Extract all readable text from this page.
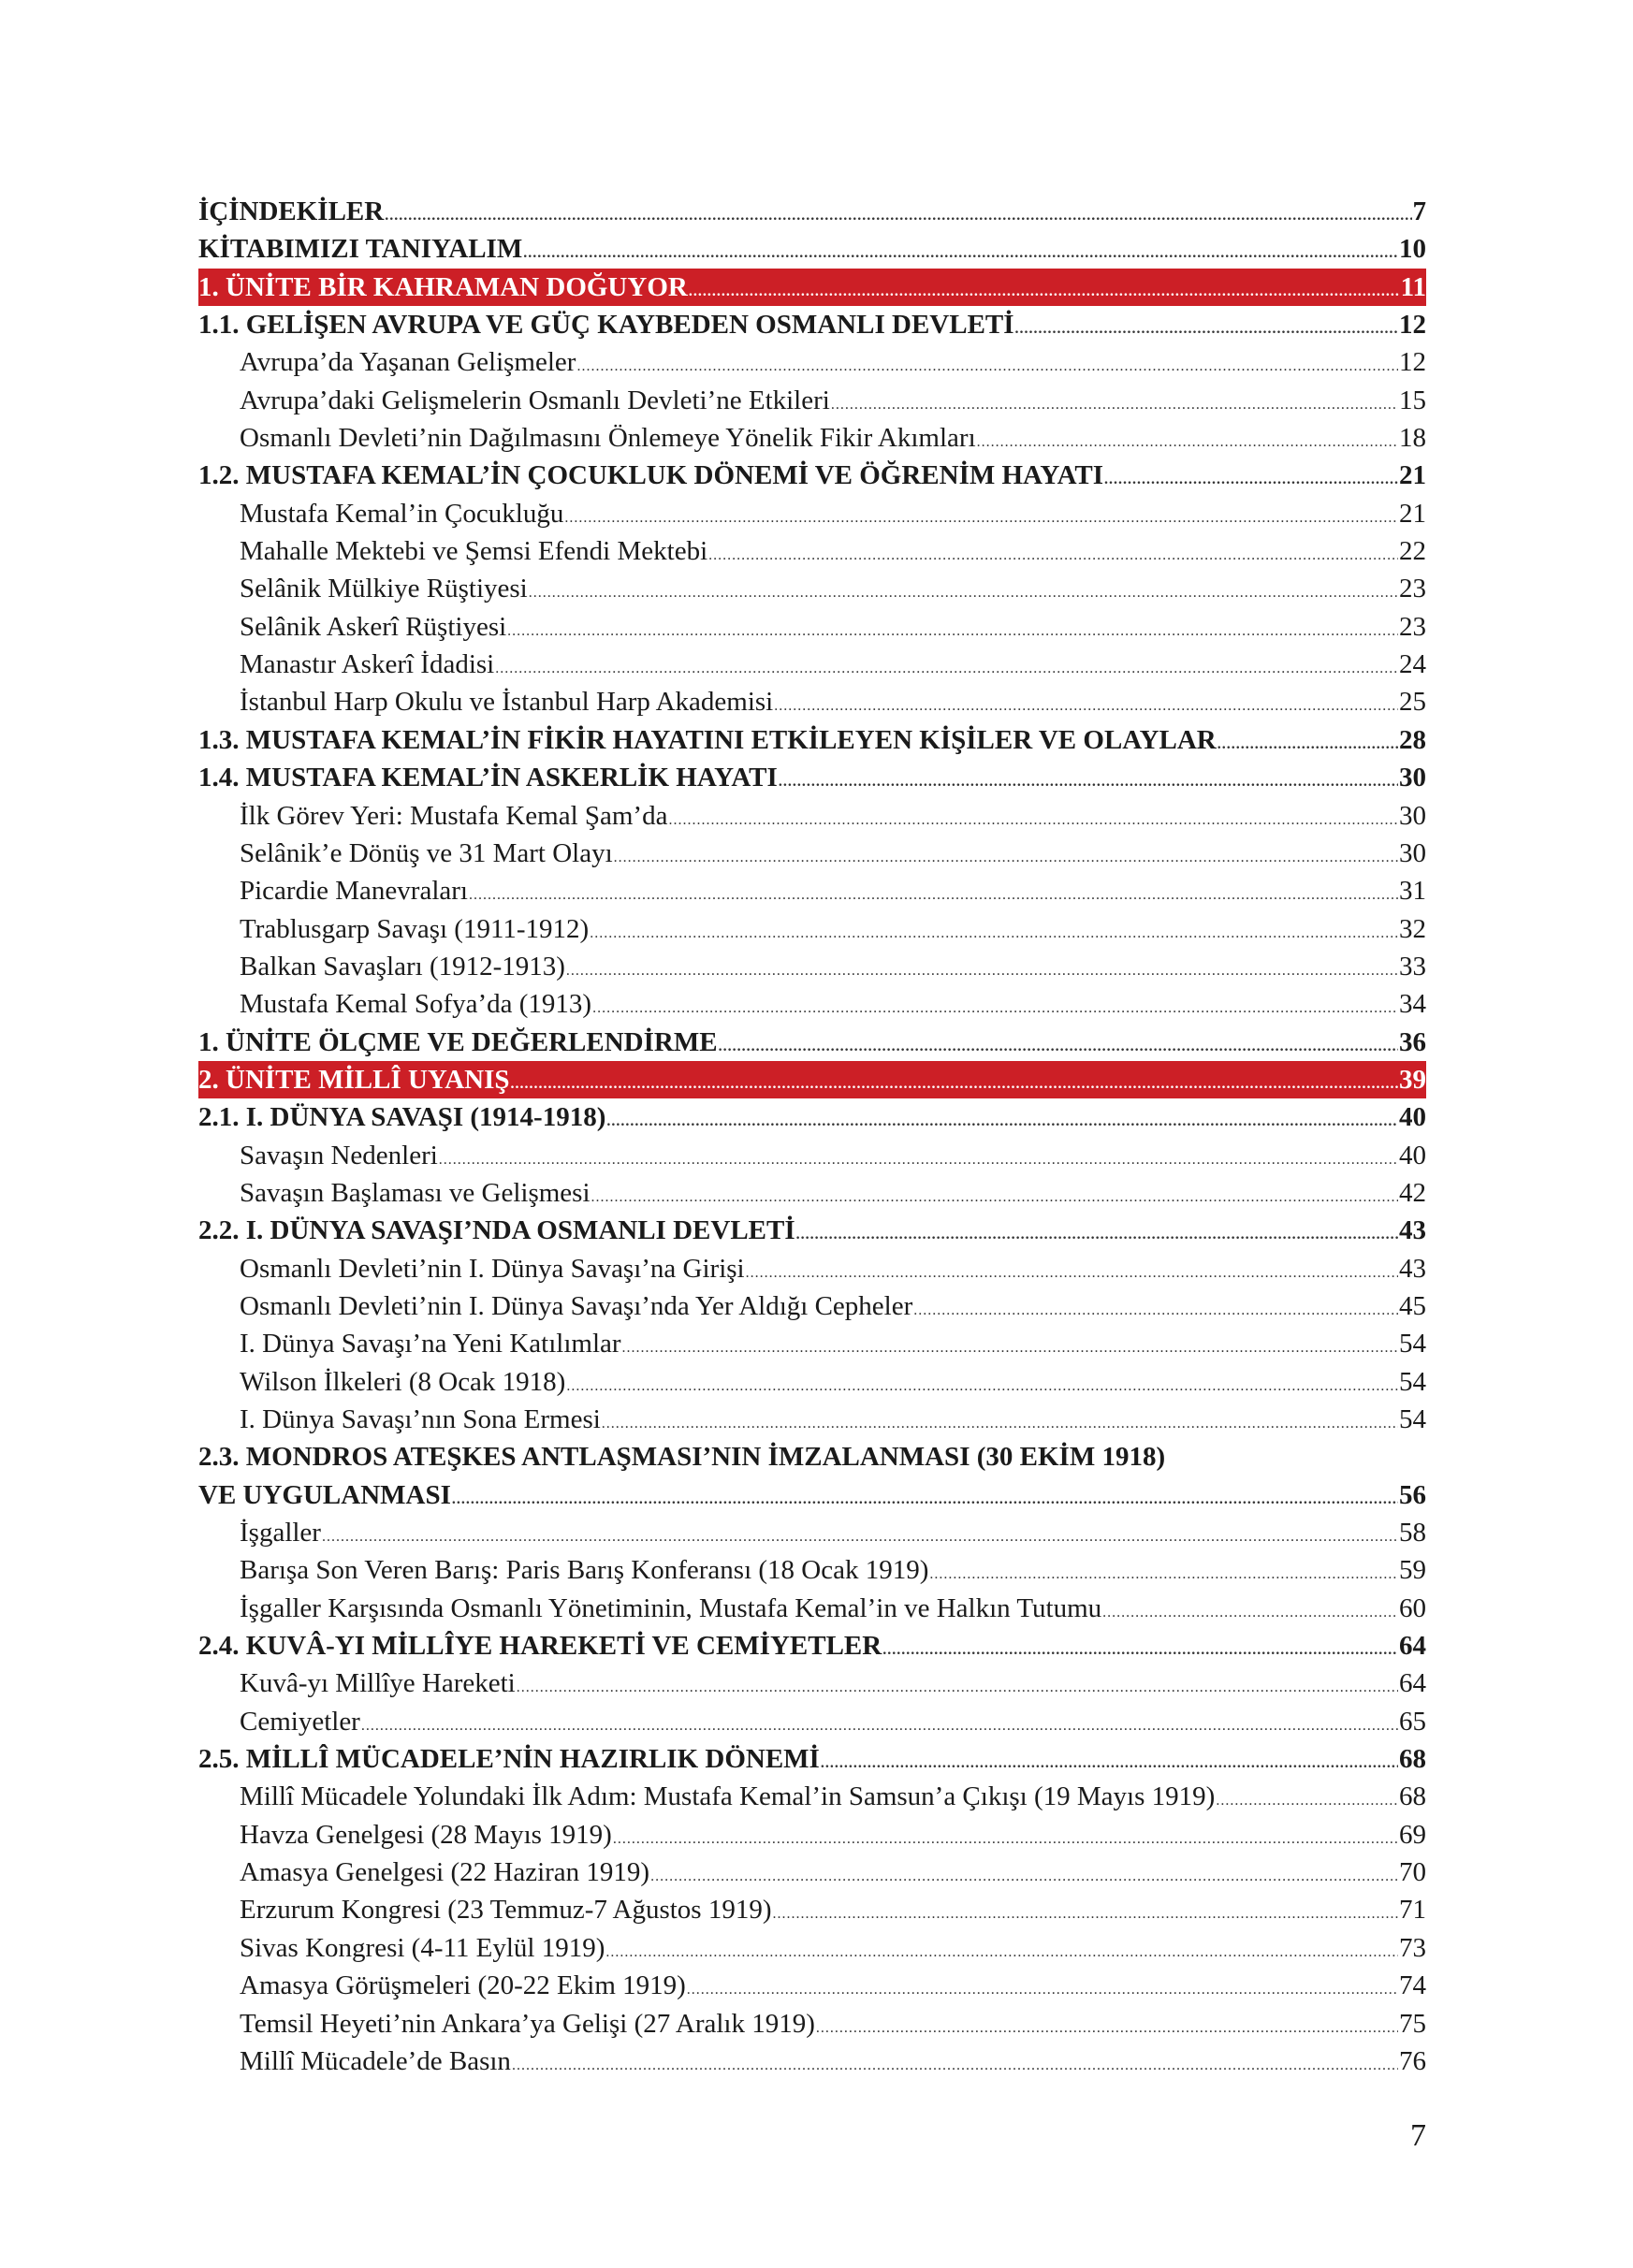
İÇİNDEKİLER .....	7
KİTABIMIZI TANIYALIM .....	10
1. ÜNİTE BİR KAHRAMAN DOĞUYOR .....	11
1.1. GELİŞEN AVRUPA VE GÜÇ KAYBEDEN OSMANLI DEVLETİ .....	12
Avrupa’da Yaşanan Gelişmeler .....	12
Avrupa’daki Gelişmelerin Osmanlı Devleti’ne Etkileri .....	15
Osmanlı Devleti’nin Dağılmasını Önlemeye Yönelik Fikir Akımları .....	18
1.2. MUSTAFA KEMAL’İN ÇOCUKLUK DÖNEMİ VE ÖĞRENİM HAYATI .....	21
Mustafa Kemal’in Çocukluğu .....	21
Mahalle Mektebi ve Şemsi Efendi Mektebi .....	22
Selânik Mülkiye Rüştiyesi .....	23
Selânik Askerî Rüştiyesi .....	23
Manastır Askerî İdadisi .....	24
İstanbul Harp Okulu ve İstanbul Harp Akademisi .....	25
1.3. MUSTAFA KEMAL’İN FİKİR HAYATINI ETKİLEYEN KİŞİLER VE OLAYLAR .....	28
1.4. MUSTAFA KEMAL’İN ASKERLİK HAYATI .....	30
İlk Görev Yeri: Mustafa Kemal Şam’da .....	30
Selânik’e Dönüş ve 31 Mart Olayı .....	30
Picardie Manevraları .....	31
Trablusgarp Savaşı (1911-1912) .....	32
Balkan Savaşları (1912-1913) .....	33
Mustafa Kemal Sofya’da (1913) .....	34
1. ÜNİTE ÖLÇME VE DEĞERLENDİRME .....	36
2. ÜNİTE MİLLÎ UYANIŞ .....	39
2.1. I. DÜNYA SAVAŞI (1914-1918) .....	40
Savaşın Nedenleri .....	40
Savaşın Başlaması ve Gelişmesi .....	42
2.2. I. DÜNYA SAVAŞI’NDA OSMANLI DEVLETİ .....	43
Osmanlı Devleti’nin I. Dünya Savaşı’na Girişi .....	43
Osmanlı Devleti’nin I. Dünya Savaşı’nda Yer Aldığı Cepheler .....	45
I. Dünya Savaşı’na Yeni Katılımlar .....	54
Wilson İlkeleri (8 Ocak 1918) .....	54
I. Dünya Savaşı’nın Sona Ermesi .....	54
2.3. MONDROS ATEŞKES ANTLAŞMASI’NIN İMZALANMASI (30 EKİM 1918)
VE UYGULANMASI .....	56
İşgaller .....	58
Barışa Son Veren Barış: Paris Barış Konferansı (18 Ocak 1919) .....	59
İşgaller Karşısında Osmanlı Yönetiminin, Mustafa Kemal’in ve Halkın Tutumu .....	60
2.4. KUVÂ-YI MİLLÎYE HAREKETİ VE CEMİYETLER .....	64
Kuvâ-yı Millîye Hareketi .....	64
Cemiyetler .....	65
2.5. MİLLÎ MÜCADELE’NİN HAZIRLIK DÖNEMİ .....	68
Millî Mücadele Yolundaki İlk Adım: Mustafa Kemal’in Samsun’a Çıkışı (19 Mayıs 1919) .....	68
Havza Genelgesi (28 Mayıs 1919) .....	69
Amasya Genelgesi (22 Haziran 1919) .....	70
Erzurum Kongresi (23 Temmuz-7 Ağustos 1919) .....	71
Sivas Kongresi (4-11 Eylül 1919) .....	73
Amasya Görüşmeleri (20-22 Ekim 1919) .....	74
Temsil Heyeti’nin Ankara’ya Gelişi (27 Aralık 1919) .....	75
Millî Mücadele’de Basın .....	76
7
